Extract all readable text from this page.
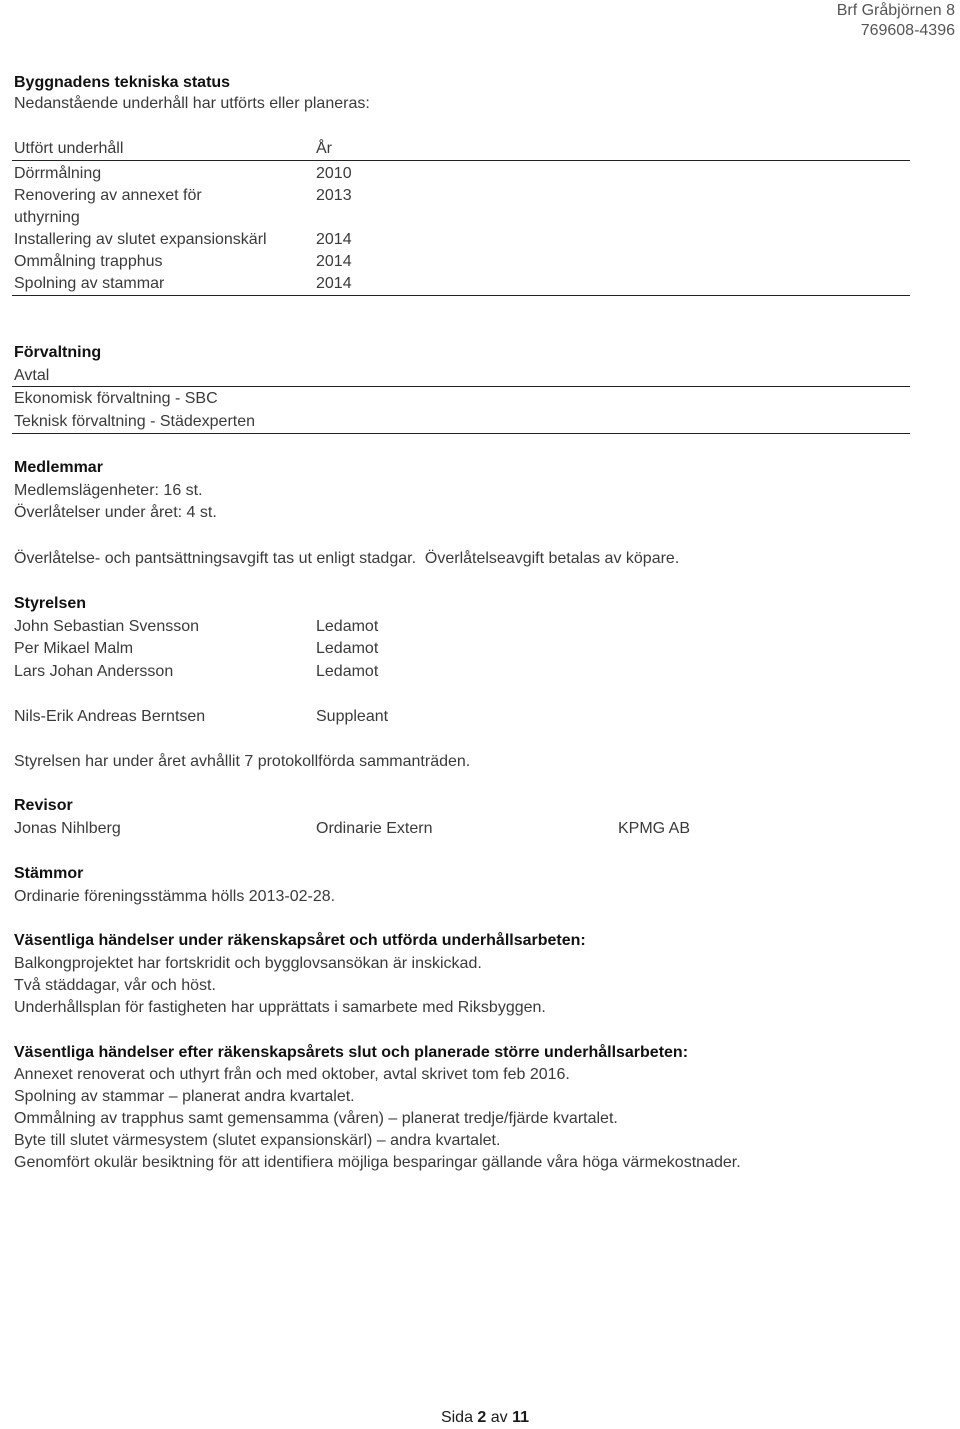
Brf Gråbjörnen 8
769608-4396
Byggnadens tekniska status
Nedanstående underhåll har utförts eller planeras:
Utfört underhåll	År
Dörrmålning	2010
Renovering av annexet för	2013
uthyrning
Installering av slutet expansionskärl	2014
Ommålning trapphus	2014
Spolning av stammar	2014
Förvaltning
Avtal
Ekonomisk förvaltning - SBC
Teknisk förvaltning - Städexperten
Medlemmar
Medlemslägenheter: 16 st.
Överlåtelser under året: 4 st.
Överlåtelse- och pantsättningsavgift tas ut enligt stadgar.  Överlåtelseavgift betalas av köpare.
Styrelsen
John Sebastian Svensson	Ledamot
Per Mikael Malm	Ledamot
Lars Johan Andersson	Ledamot
Nils-Erik Andreas Berntsen	Suppleant
Styrelsen har under året avhållit 7 protokollförda sammanträden.
Revisor
Jonas Nihlberg	Ordinarie Extern	KPMG AB
Stämmor
Ordinarie föreningsstämma hölls 2013-02-28.
Väsentliga händelser under räkenskapsåret och utförda underhållsarbeten:
Balkongprojektet har fortskridit och bygglovsansökan är inskickad.
Två städdagar, vår och höst.
Underhållsplan för fastigheten har upprättats i samarbete med Riksbyggen.
Väsentliga händelser efter räkenskapsårets slut och planerade större underhållsarbeten:
Annexet renoverat och uthyrt från och med oktober, avtal skrivet tom feb 2016.
Spolning av stammar – planerat andra kvartalet.
Ommålning av trapphus samt gemensamma (våren) – planerat tredje/fjärde kvartalet.
Byte till slutet värmesystem (slutet expansionskärl) – andra kvartalet.
Genomfört okulär besiktning för att identifiera möjliga besparingar gällande våra höga värmekostnader.
Sida 2 av 11
